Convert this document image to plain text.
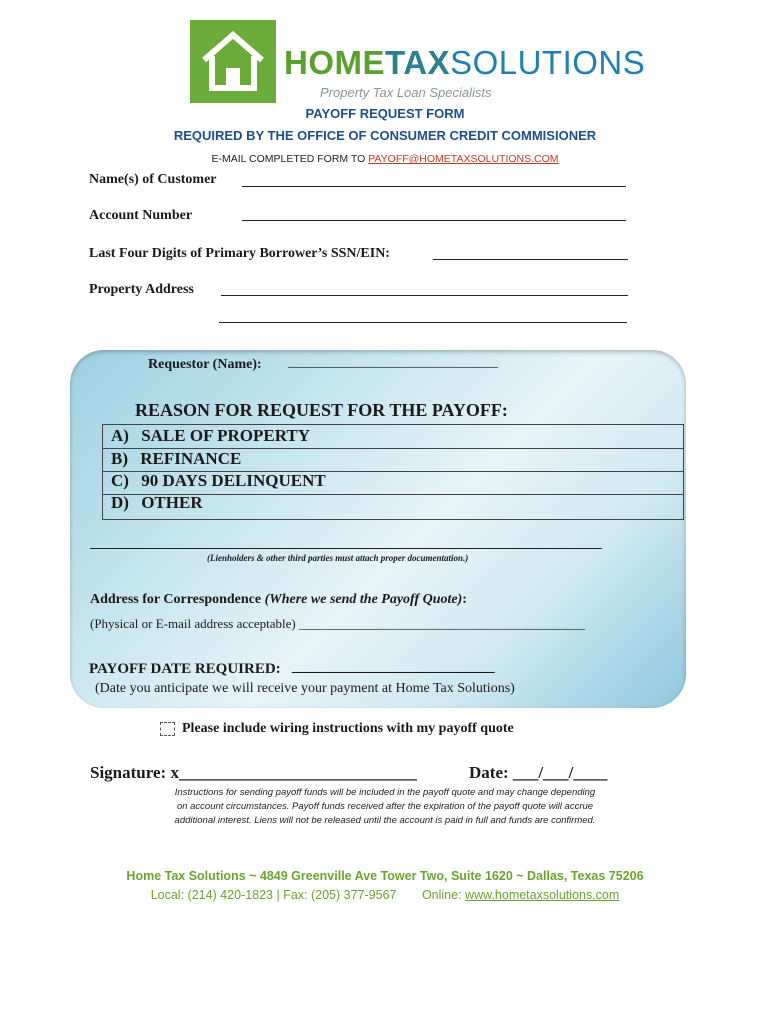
HOMETAXSOLUTIONS
Property Tax Loan Specialists
PAYOFF REQUEST FORM
REQUIRED BY THE OFFICE OF CONSUMER CREDIT COMMISIONER
E-MAIL COMPLETED FORM TO PAYOFF@HOMETAXSOLUTIONS.COM
Name(s) of Customer
Account Number
Last Four Digits of Primary Borrower’s SSN/EIN:
Property Address
Requestor (Name): ______________________________
REASON FOR REQUEST FOR THE PAYOFF:
A) SALE OF PROPERTY
B) REFINANCE
C) 90 DAYS DELINQUENT
D) OTHER
(Lienholders & other third parties must attach proper documentation.)
Address for Correspondence (Where we send the Payoff Quote):
(Physical or E-mail address acceptable) ____________________________________________
PAYOFF DATE REQUIRED: ___________________________
(Date you anticipate we will receive your payment at Home Tax Solutions)
Please include wiring instructions with my payoff quote
Signature: x____________________________	Date: ___/___/____
Instructions for sending payoff funds will be included in the payoff quote and may change depending
on account circumstances. Payoff funds received after the expiration of the payoff quote will accrue
additional interest. Liens will not be released until the account is paid in full and funds are confirmed.
Home Tax Solutions ~ 4849 Greenville Ave Tower Two, Suite 1620 ~ Dallas, Texas 75206
Local: (214) 420-1823 | Fax: (205) 377-9567 Online: www.hometaxsolutions.com
